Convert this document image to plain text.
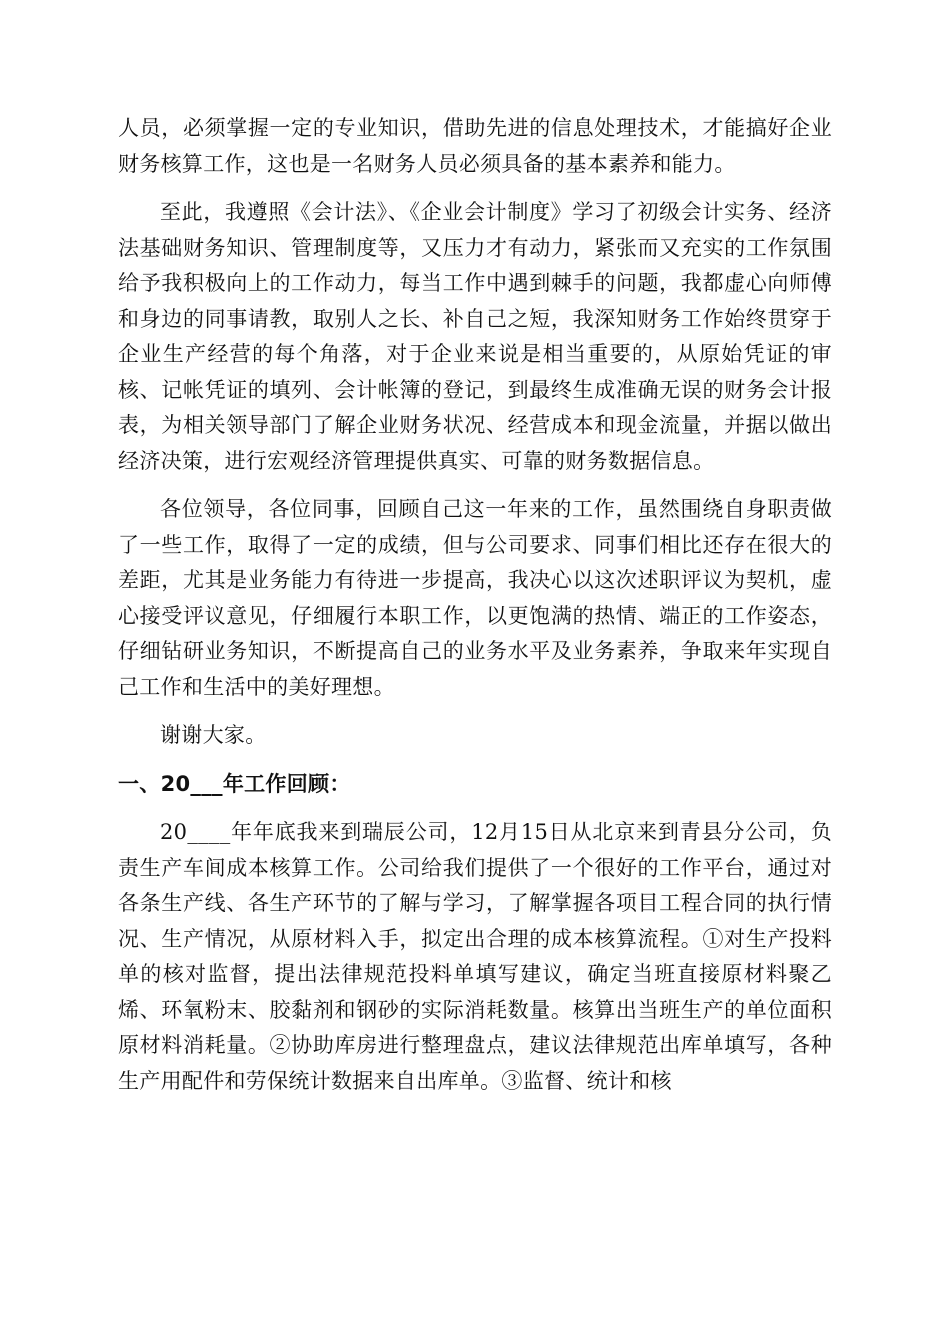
人员，必须掌握一定的专业知识，借助先进的信息处理技术，才能搞好企业财务核算工作，这也是一名财务人员必须具备的基本素养和能力。

至此，我遵照《会计法》、《企业会计制度》学习了初级会计实务、经济法基础财务知识、管理制度等，又压力才有动力，紧张而又充实的工作氛围给予我积极向上的工作动力，每当工作中遇到棘手的问题，我都虚心向师傅和身边的同事请教，取别人之长、补自己之短，我深知财务工作始终贯穿于企业生产经营的每个角落，对于企业来说是相当重要的，从原始凭证的审核、记帐凭证的填列、会计帐簿的登记，到最终生成准确无误的财务会计报表，为相关领导部门了解企业财务状况、经营成本和现金流量，并据以做出经济决策，进行宏观经济管理提供真实、可靠的财务数据信息。

各位领导，各位同事，回顾自己这一年来的工作，虽然围绕自身职责做了一些工作，取得了一定的成绩，但与公司要求、同事们相比还存在很大的差距，尤其是业务能力有待进一步提高，我决心以这次述职评议为契机，虚心接受评议意见，仔细履行本职工作，以更饱满的热情、端正的工作姿态，仔细钻研业务知识，不断提高自己的业务水平及业务素养，争取来年实现自己工作和生活中的美好理想。

谢谢大家。

一、20___年工作回顾：

20____年年底我来到瑞辰公司，12月15日从北京来到青县分公司，负责生产车间成本核算工作。公司给我们提供了一个很好的工作平台，通过对各条生产线、各生产环节的了解与学习，了解掌握各项目工程合同的执行情况、生产情况，从原材料入手，拟定出合理的成本核算流程。①对生产投料单的核对监督，提出法律规范投料单填写建议，确定当班直接原材料聚乙烯、环氧粉末、胶黏剂和钢砂的实际消耗数量。核算出当班生产的单位面积原材料消耗量。②协助库房进行整理盘点，建议法律规范出库单填写，各种生产用配件和劳保统计数据来自出库单。③监督、统计和核
